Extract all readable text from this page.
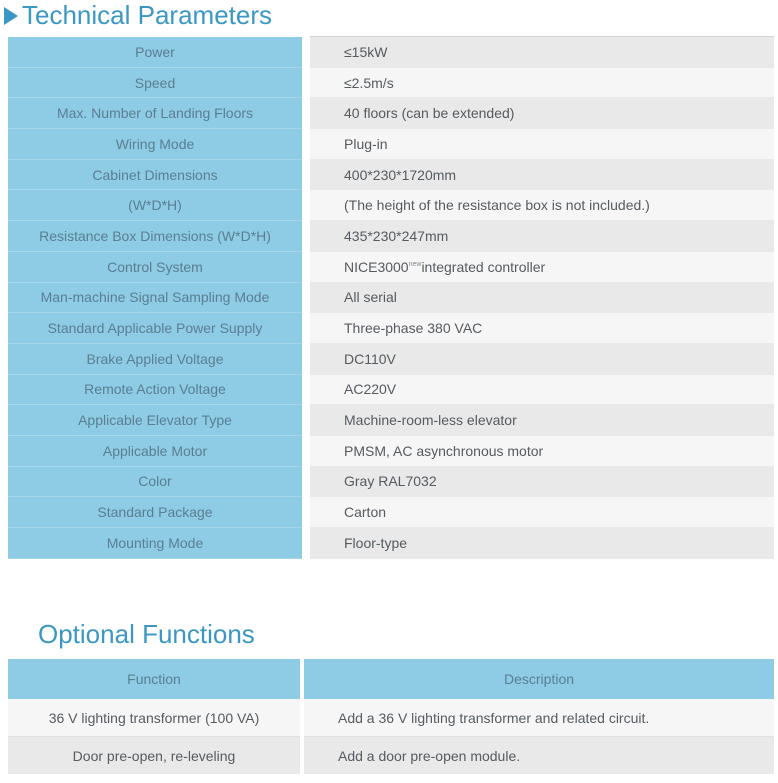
Technical Parameters
Power		≤15kW
Speed		≤2.5m/s
Max. Number of Landing Floors		40 floors (can be extended)
Wiring Mode		Plug-in
Cabinet Dimensions		400*230*1720mm
(W*D*H)		(The height of the resistance box is not included.)
Resistance Box Dimensions (W*D*H)		435*230*247mm
Control System		$NICE3000^{new}integrated$ controller
Man-machine Signal Sampling Mode		All serial
Standard Applicable Power Supply		Three-phase 380 VAC
Brake Applied Voltage		DC110V
Remote Action Voltage		AC220V
Applicable Elevator Type		Machine-room-less elevator
Applicable Motor		PMSM, AC asynchronous motor
Color		Gray RAL7032
Standard Package		Carton
Mounting Mode		Floor-type
Optional Functions
Function		Description
36 V lighting transformer (100 VA)		Add a 36 V lighting transformer and related circuit.
Door pre-open, re-leveling		Add a door pre-open module.
